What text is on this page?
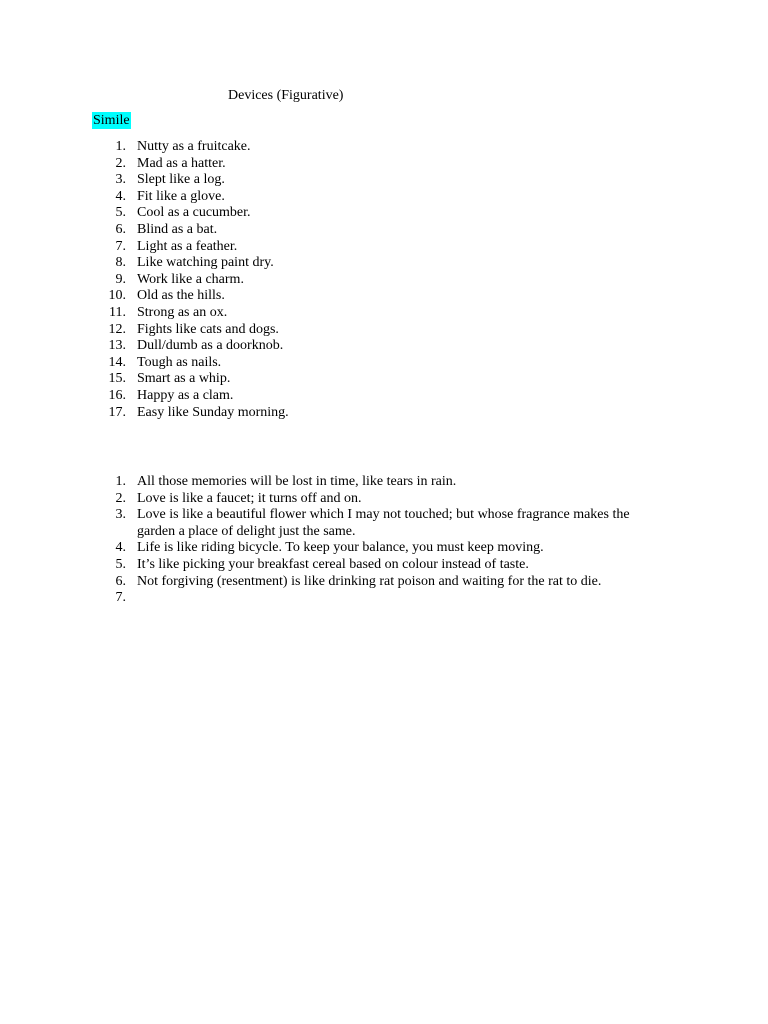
Devices (Figurative)
Simile
1. Nutty as a fruitcake.
2. Mad as a hatter.
3. Slept like a log.
4. Fit like a glove.
5. Cool as a cucumber.
6. Blind as a bat.
7. Light as a feather.
8. Like watching paint dry.
9. Work like a charm.
10. Old as the hills.
11. Strong as an ox.
12. Fights like cats and dogs.
13. Dull/dumb as a doorknob.
14. Tough as nails.
15. Smart as a whip.
16. Happy as a clam.
17. Easy like Sunday morning.
1. All those memories will be lost in time, like tears in rain.
2. Love is like a faucet; it turns off and on.
3. Love is like a beautiful flower which I may not touched; but whose fragrance makes the garden a place of delight just the same.
4. Life is like riding bicycle. To keep your balance, you must keep moving.
5. It’s like picking your breakfast cereal based on colour instead of taste.
6. Not forgiving (resentment) is like drinking rat poison and waiting for the rat to die.
7.
